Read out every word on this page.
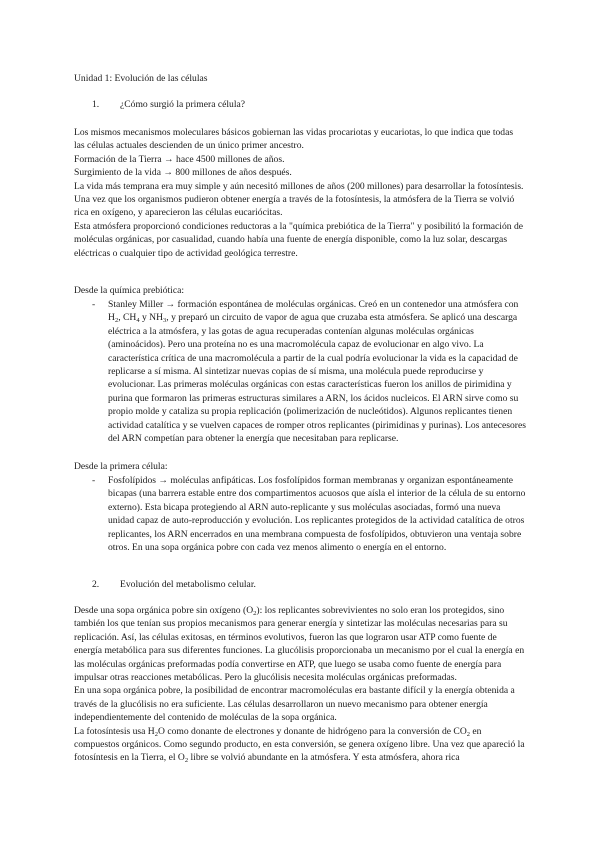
Unidad 1: Evolución de las células
1. ¿Cómo surgió la primera célula?

Los mismos mecanismos moleculares básicos gobiernan las vidas procariotas y eucariotas, lo que indica que todas las células actuales descienden de un único primer ancestro.

Formación de la Tierra → hace 4500 millones de años.

Surgimiento de la vida → 800 millones de años después.

La vida más temprana era muy simple y aún necesitó millones de años (200 millones) para desarrollar la fotosíntesis.

Una vez que los organismos pudieron obtener energía a través de la fotosíntesis, la atmósfera de la Tierra se volvió rica en oxígeno, y aparecieron las células eucariócitas.

Esta atmósfera proporcionó condiciones reductoras a la "química prebiótica de la Tierra" y posibilitó la formación de moléculas orgánicas, por casualidad, cuando había una fuente de energía disponible, como la luz solar, descargas eléctricas o cualquier tipo de actividad geológica terrestre.

Desde la química prebiótica:
- Stanley Miller → formación espontánea de moléculas orgánicas. Creó en un contenedor una atmósfera con $H_2$, $CH_4$ y $NH_3$, y preparó un circuito de vapor de agua que cruzaba esta atmósfera. Se aplicó una descarga eléctrica a la atmósfera, y las gotas de agua recuperadas contenían algunas moléculas orgánicas (aminoácidos). Pero una proteína no es una macromolécula capaz de evolucionar en algo vivo. La característica crítica de una macromolécula a partir de la cual podría evolucionar la vida es la capacidad de replicarse a sí misma. Al sintetizar nuevas copias de sí misma, una molécula puede reproducirse y evolucionar. Las primeras moléculas orgánicas con estas características fueron los anillos de pirimidina y purina que formaron las primeras estructuras similares a ARN, los ácidos nucleicos. El ARN sirve como su propio molde y cataliza su propia replicación (polimerización de nucleótidos). Algunos replicantes tienen actividad catalítica y se vuelven capaces de romper otros replicantes (pirimidinas y purinas). Los antecesores del ARN competían para obtener la energía que necesitaban para replicarse.
Desde la primera célula:
- Fosfolípidos → moléculas anfipáticas. Los fosfolípidos forman membranas y organizan espontáneamente bicapas (una barrera estable entre dos compartimentos acuosos que aísla el interior de la célula de su entorno externo). Esta bicapa protegiendo al ARN auto-replicante y sus moléculas asociadas, formó una nueva unidad capaz de auto-reproducción y evolución. Los replicantes protegidos de la actividad catalítica de otros replicantes, los ARN encerrados en una membrana compuesta de fosfolípidos, obtuvieron una ventaja sobre otros. En una sopa orgánica pobre con cada vez menos alimento o energía en el entorno.
2. Evolución del metabolismo celular.

Desde una sopa orgánica pobre sin oxígeno $(O_2)$: los replicantes sobrevivientes no solo eran los protegidos, sino también los que tenían sus propios mecanismos para generar energía y sintetizar las moléculas necesarias para su replicación. Así, las células exitosas, en términos evolutivos, fueron las que lograron usar ATP como fuente de energía metabólica para sus diferentes funciones. La glucólisis proporcionaba un mecanismo por el cual la energía en las moléculas orgánicas preformadas podía convertirse en ATP, que luego se usaba como fuente de energía para impulsar otras reacciones metabólicas. Pero la glucólisis necesita moléculas orgánicas preformadas.

En una sopa orgánica pobre, la posibilidad de encontrar macromoléculas era bastante difícil y la energía obtenida a través de la glucólisis no era suficiente. Las células desarrollaron un nuevo mecanismo para obtener energía independientemente del contenido de moléculas de la sopa orgánica.

La fotosíntesis usa $H_2O$ como donante de electrones y donante de hidrógeno para la conversión de $CO_2$ en compuestos orgánicos. Como segundo producto, en esta conversión, se genera oxígeno libre. Una vez que apareció la fotosíntesis en la Tierra, el $O_2$ libre se volvió abundante en la atmósfera. Y esta atmósfera, ahora rica
